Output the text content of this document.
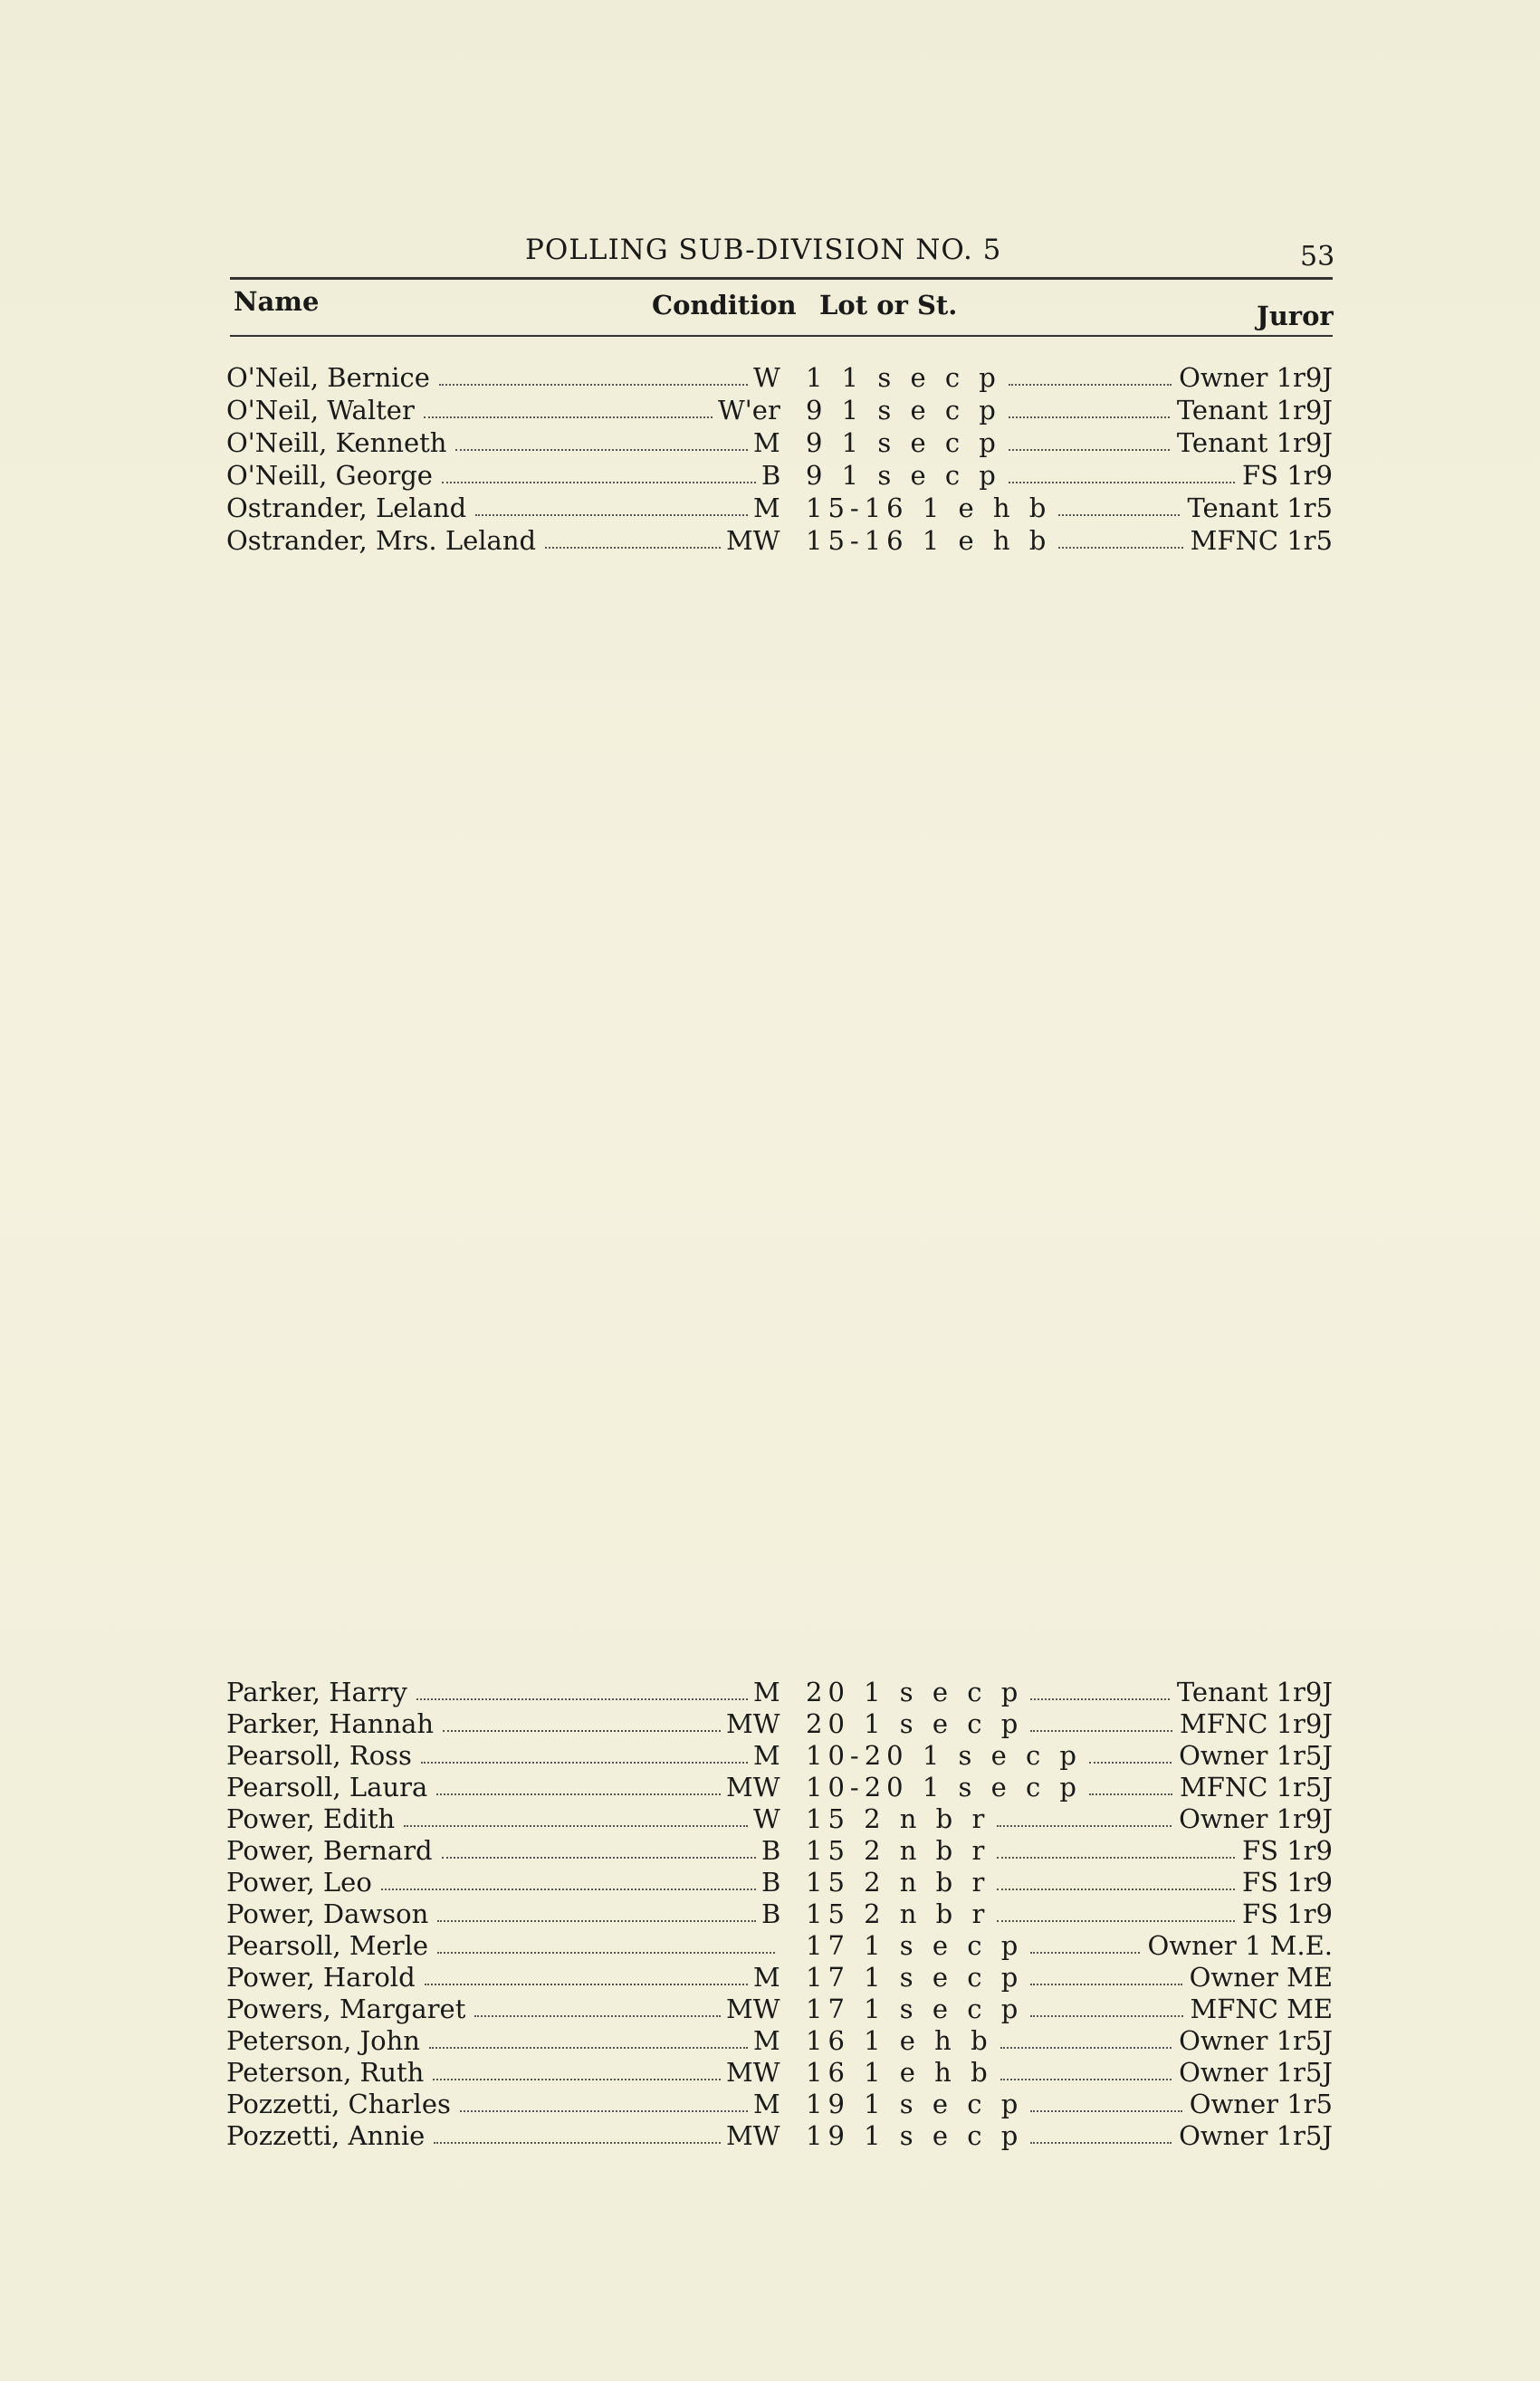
POLLING SUB-DIVISION NO. 5	53
Name	Condition Lot or St.	Juror
O'Neil, Bernice	W 1 1 s e c p	Owner 1r9J
O'Neil, Walter	W'er 9 1 s e c p	Tenant 1r9J
O'Neill, Kenneth	M 9 1 s e c p	Tenant 1r9J
O'Neill, George	B 9 1 s e c p	FS 1r9
Ostrander, Leland	M 15-16 1 e h b	Tenant 1r5
Ostrander, Mrs. Leland	MW 15-16 1 e h b	MFNC 1r5
Parker, Harry	M 20 1 s e c p	Tenant 1r9J
Parker, Hannah	MW 20 1 s e c p	MFNC 1r9J
Pearsoll, Ross	M 10-20 1 s e c p	Owner 1r5J
Pearsoll, Laura	MW 10-20 1 s e c p	MFNC 1r5J
Power, Edith	W 15 2 n b r	Owner 1r9J
Power, Bernard	B 15 2 n b r	FS 1r9
Power, Leo	B 15 2 n b r	FS 1r9
Power, Dawson	B 15 2 n b r	FS 1r9
Pearsoll, Merle	17 1 s e c p	Owner 1 M.E.
Power, Harold	M 17 1 s e c p	Owner ME
Powers, Margaret	MW 17 1 s e c p	MFNC ME
Peterson, John	M 16 1 e h b	Owner 1r5J
Peterson, Ruth	MW 16 1 e h b	Owner 1r5J
Pozzetti, Charles	M 19 1 s e c p	Owner 1r5
Pozzetti, Annie	MW 19 1 s e c p	Owner 1r5J
